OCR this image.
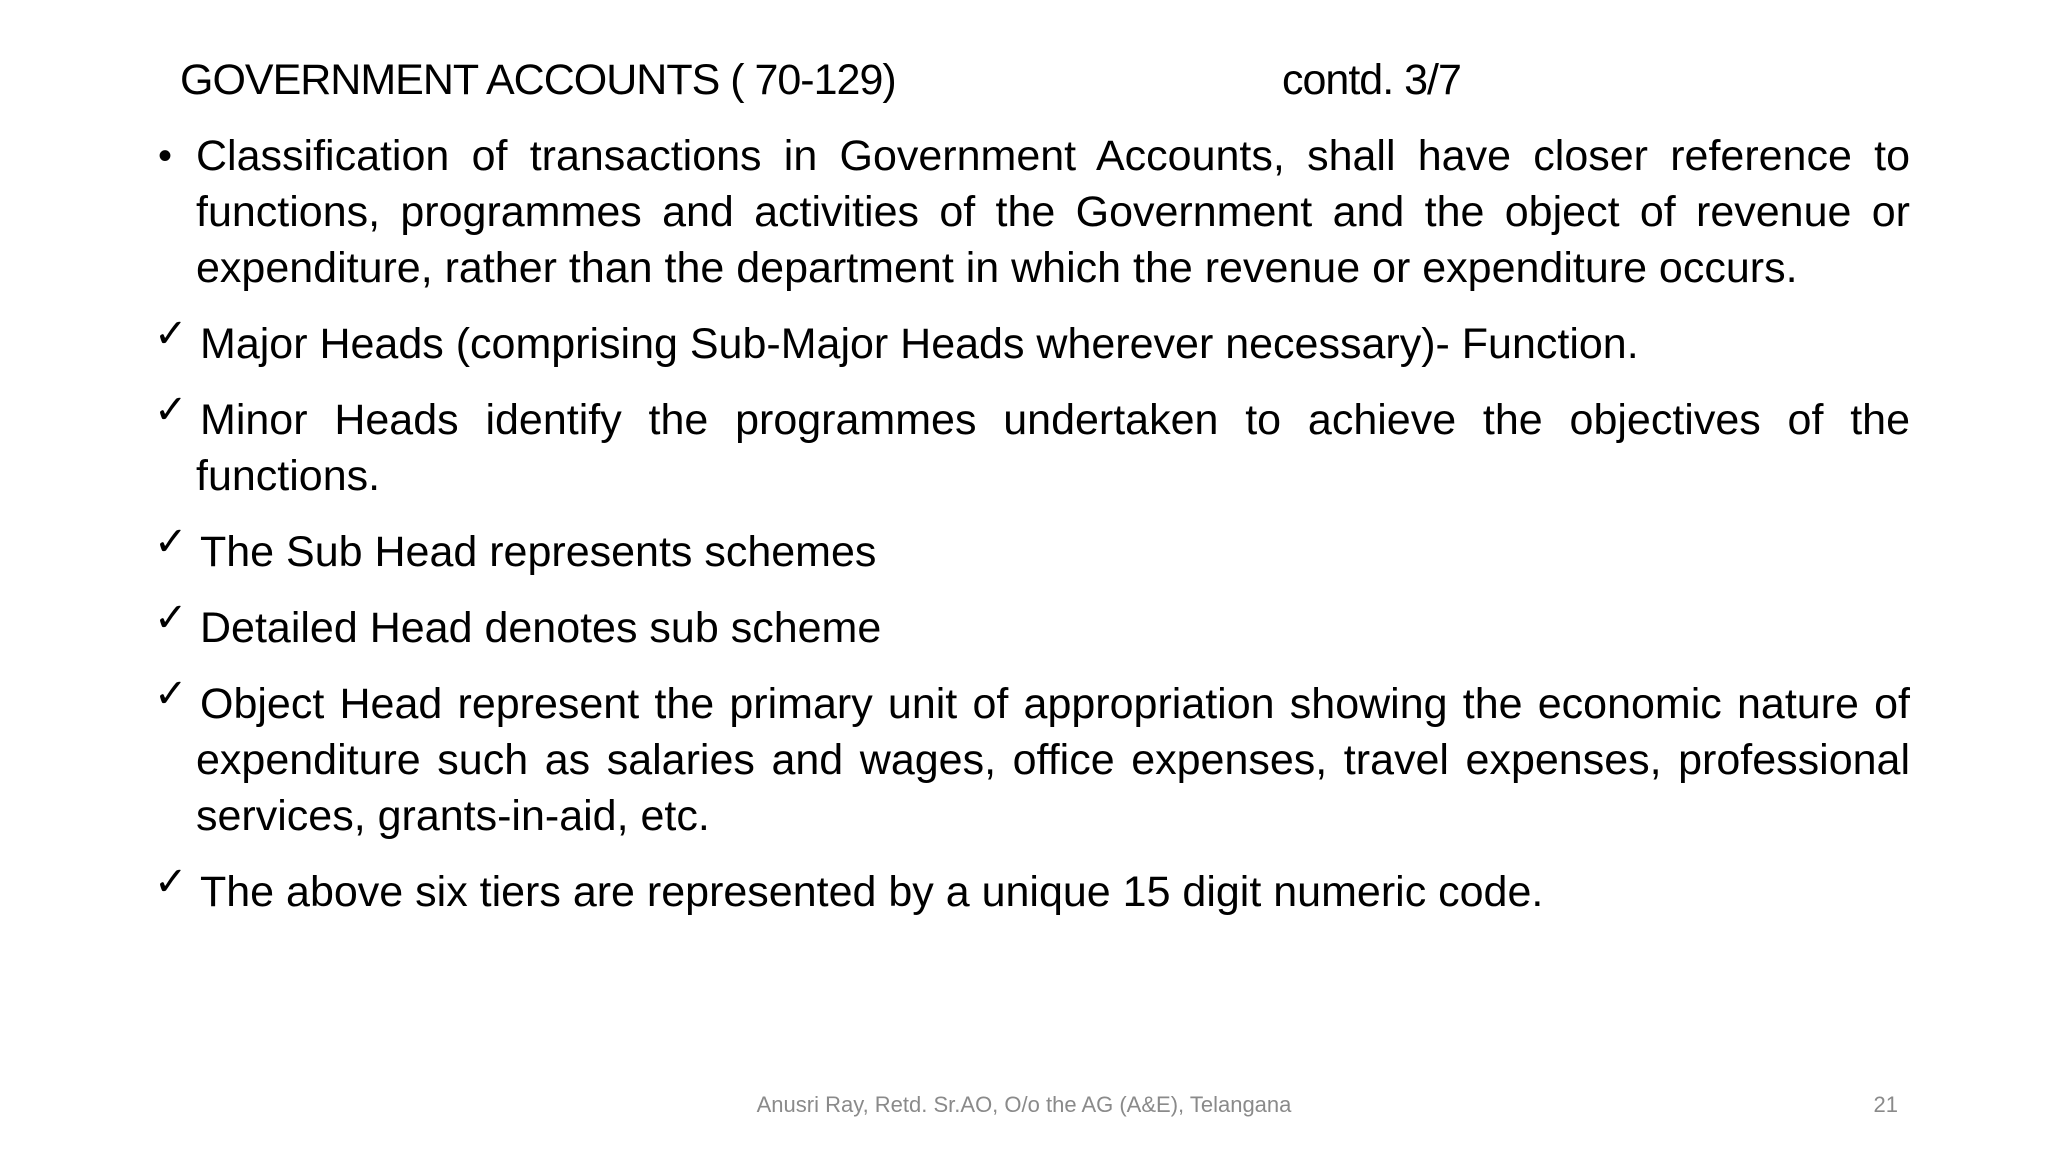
GOVERNMENT ACCOUNTS ( 70-129)	contd. 3/7
• Classification of transactions in Government Accounts, shall have closer reference to functions, programmes and activities of the Government and the object of revenue or expenditure, rather than the department in which the revenue or expenditure occurs.
✓ Major Heads (comprising Sub-Major Heads wherever necessary)- Function.
✓ Minor Heads identify the programmes undertaken to achieve the objectives of the functions.
✓ The Sub Head represents schemes
✓ Detailed Head denotes sub scheme
✓ Object Head represent the primary unit of appropriation showing the economic nature of expenditure such as salaries and wages, office expenses, travel expenses, professional services, grants-in-aid, etc.
✓ The above six tiers are represented by a unique 15 digit numeric code.
Anusri Ray, Retd. Sr.AO, O/o the AG (A&E), Telangana	21
